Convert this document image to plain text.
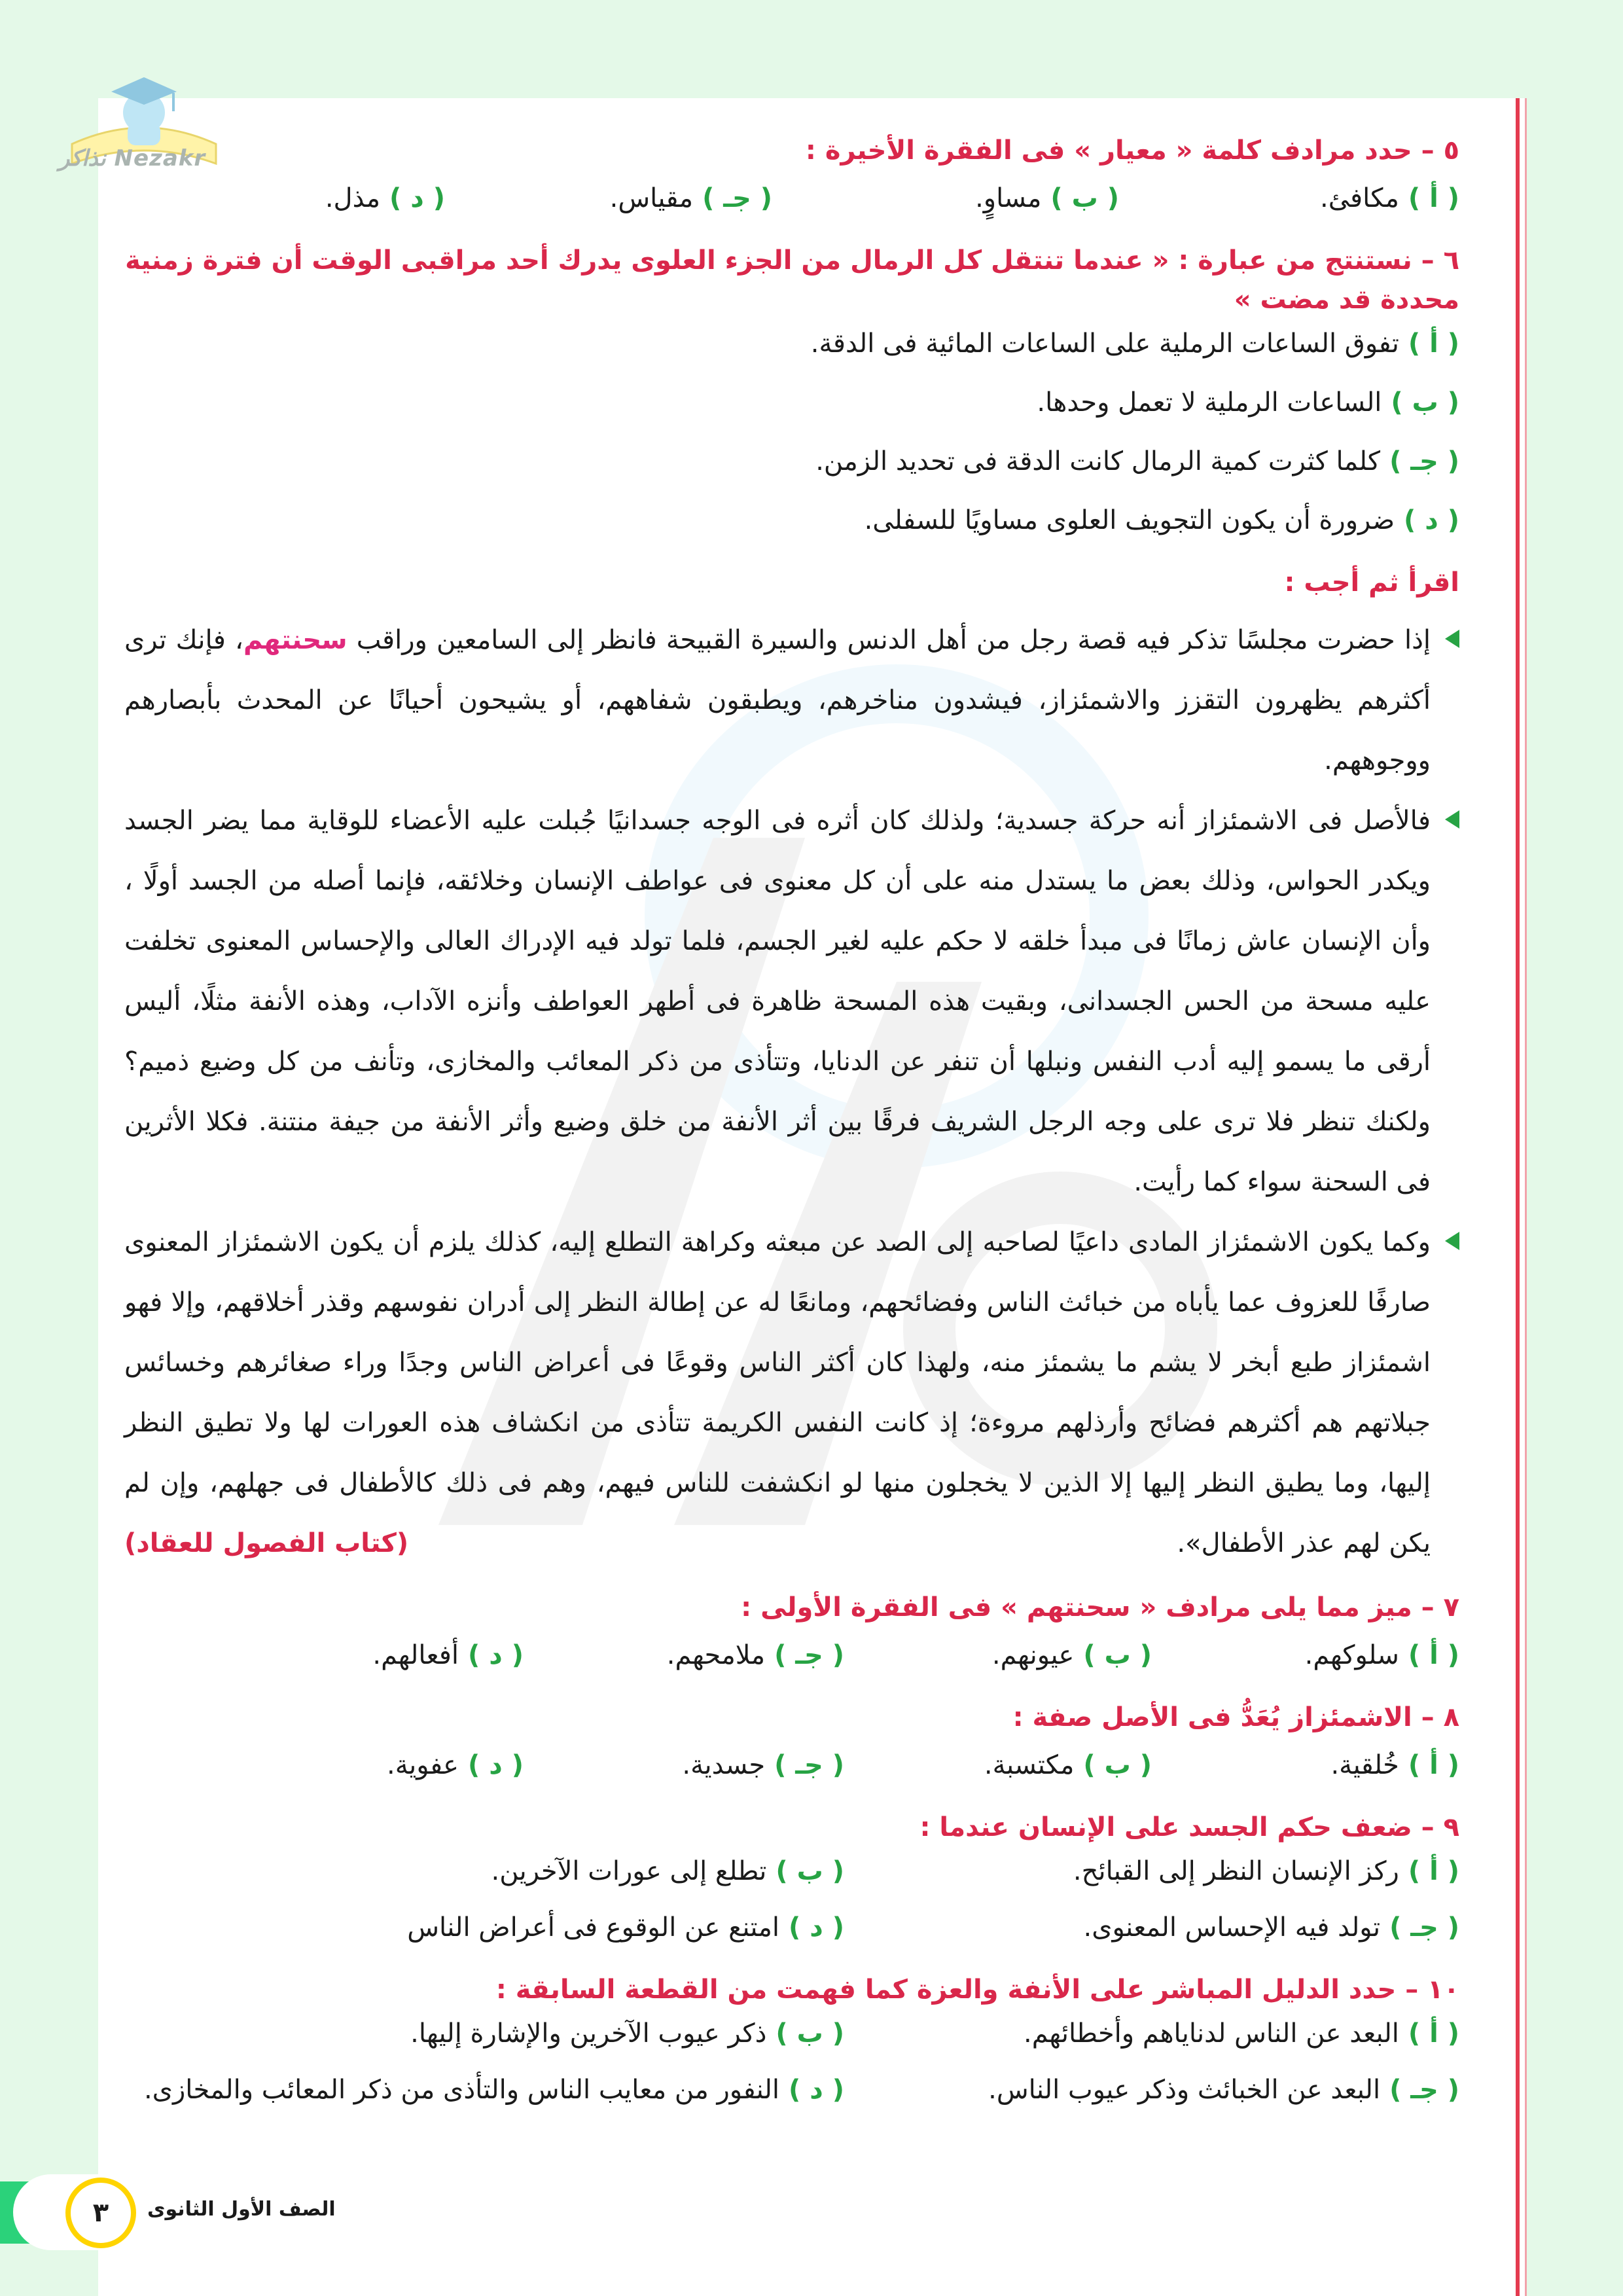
Nezakr نذاكر	٥ – حدد مرادف كلمة « معيار » فى الفقرة الأخيرة :

( أ )
مكافئ.
( ب )
مساوٍ.
( جـ )
مقياس.
( د )
مذل.

٦ – نستنتج من عبارة : « عندما تنتقل كل الرمال من الجزء العلوى يدرك أحد مراقبى الوقت أن فترة زمنية محددة قد مضت »

( أ )
تفوق الساعات الرملية على الساعات المائية فى الدقة.
( ب )
الساعات الرملية لا تعمل وحدها.
( جـ )
كلما كثرت كمية الرمال كانت الدقة فى تحديد الزمن.
( د )
ضرورة أن يكون التجويف العلوى مساويًا للسفلى.
اقرأ ثم أجب :

إذا حضرت مجلسًا تذكر فيه قصة رجل من أهل الدنس والسيرة القبيحة فانظر إلى السامعين وراقب سحنتهم، فإنك ترى أكثرهم يظهرون التقزز والاشمئزاز، فيشدون مناخرهم، ويطبقون شفاههم، أو يشيحون أحيانًا عن المحدث بأبصارهم ووجوههم.

فالأصل فى الاشمئزاز أنه حركة جسدية؛ ولذلك كان أثره فى الوجه جسدانيًا جُبلت عليه الأعضاء للوقاية مما يضر الجسد ويكدر الحواس، وذلك بعض ما يستدل منه على أن كل معنوى فى عواطف الإنسان وخلائقه، فإنما أصله من الجسد أولًا ، وأن الإنسان عاش زمانًا فى مبدأ خلقه لا حكم عليه لغير الجسم، فلما تولد فيه الإدراك العالى والإحساس المعنوى تخلفت عليه مسحة من الحس الجسدانى، وبقيت هذه المسحة ظاهرة فى أطهر العواطف وأنزه الآداب، وهذه الأنفة مثلًا، أليس أرقى ما يسمو إليه أدب النفس ونبلها أن تنفر عن الدنايا، وتتأذى من ذكر المعائب والمخازى، وتأنف من كل وضيع ذميم؟ ولكنك تنظر فلا ترى على وجه الرجل الشريف فرقًا بين أثر الأنفة من خلق وضيع وأثر الأنفة من جيفة منتنة. فكلا الأثرين فى السحنة سواء كما رأيت.

وكما يكون الاشمئزاز المادى داعيًا لصاحبه إلى الصد عن مبعثه وكراهة التطلع إليه، كذلك يلزم أن يكون الاشمئزاز المعنوى صارفًا للعزوف عما يأباه من خبائث الناس وفضائحهم، ومانعًا له عن إطالة النظر إلى أدران نفوسهم وقذر أخلاقهم، وإلا فهو اشمئزاز طبع أبخر لا يشم ما يشمئز منه، ولهذا كان أكثر الناس وقوعًا فى أعراض الناس وجدًا وراء صغائرهم وخسائس جبلاتهم هم أكثرهم فضائح وأرذلهم مروءة؛ إذ كانت النفس الكريمة تتأذى من انكشاف هذه العورات لها ولا تطيق النظر إليها، وما يطيق النظر إليها إلا الذين لا يخجلون منها لو انكشفت للناس فيهم، وهم فى ذلك كالأطفال فى جهلهم، وإن لم يكن لهم عذر الأطفال».
(كتاب الفصول للعقاد)

٧ – ميز مما يلى مرادف « سحنتهم » فى الفقرة الأولى :

( أ )
سلوكهم.
( ب )
عيونهم.
( جـ )
ملامحهم.
( د )
أفعالهم.

٨ – الاشمئزاز يُعَدُّ فى الأصل صفة :

( أ )
خُلقية.
( ب )
مكتسبة.
( جـ )
جسدية.
( د )
عفوية.

٩ – ضعف حكم الجسد على الإنسان عندما :

( أ )
ركز الإنسان النظر إلى القبائح.
( ب )
تطلع إلى عورات الآخرين.
( جـ )
تولد فيه الإحساس المعنوى.
( د )
امتنع عن الوقوع فى أعراض الناس

١٠ – حدد الدليل المباشر على الأنفة والعزة كما فهمت من القطعة السابقة :

( أ )
البعد عن الناس لدناياهم وأخطائهم.
( ب )
ذكر عيوب الآخرين والإشارة إليها.
( جـ )
البعد عن الخبائث وذكر عيوب الناس.
( د )
النفور من معايب الناس والتأذى من ذكر المعائب والمخازى.
٣	الصف الأول الثانوى
